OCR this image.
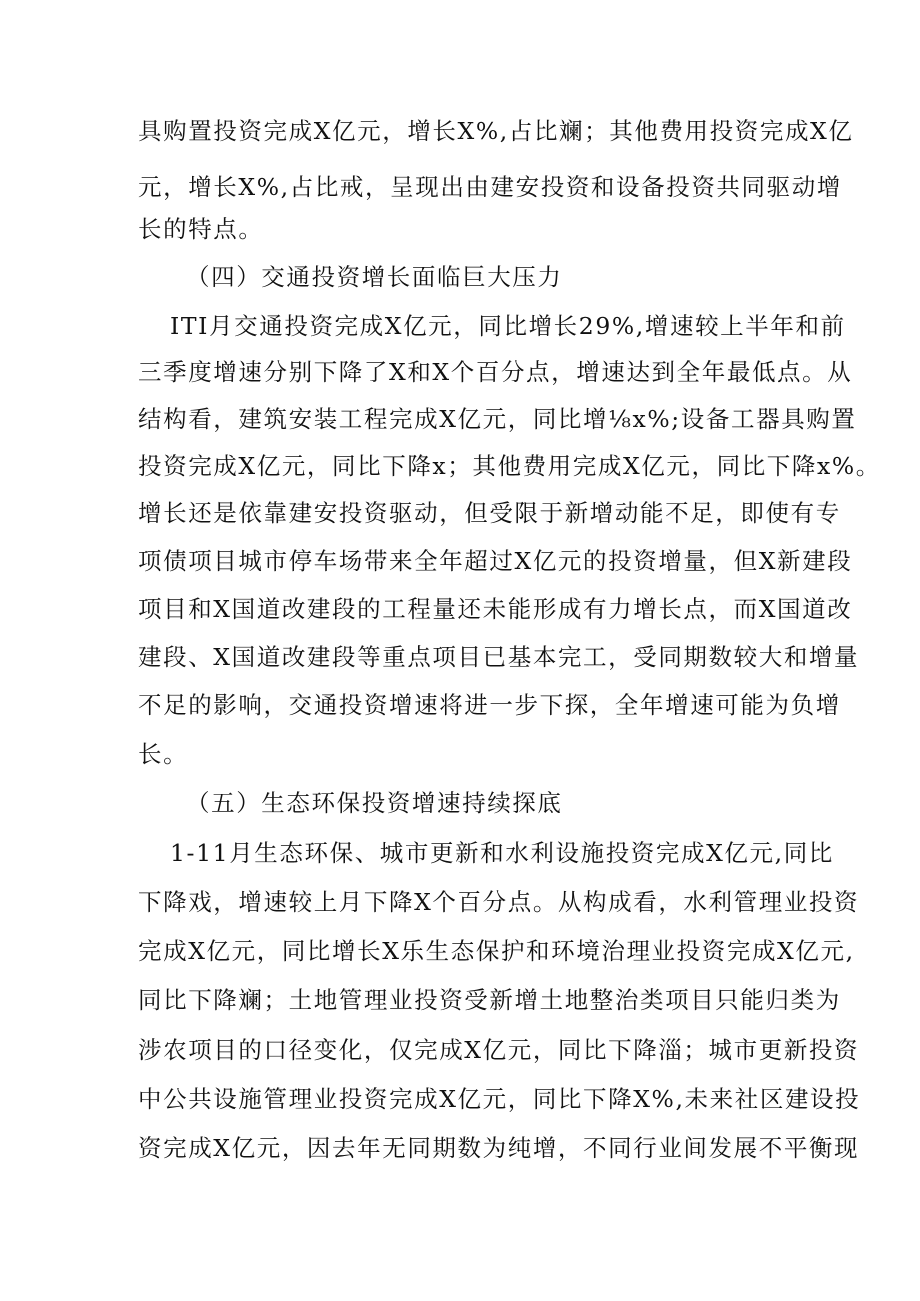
具购置投资完成X亿元，增长X%,占比斓；其他费用投资完成X亿
元，增长X%,占比戒，呈现出由建安投资和设备投资共同驱动增
长的特点。
（四）交通投资增长面临巨大压力
ITI月交通投资完成X亿元，同比增长29%,增速较上半年和前
三季度增速分别下降了X和X个百分点，增速达到全年最低点。从
结构看，建筑安装工程完成X亿元，同比增⅛x%;设备工器具购置
投资完成X亿元，同比下降x；其他费用完成X亿元，同比下降x%。
增长还是依靠建安投资驱动，但受限于新增动能不足，即使有专
项债项目城市停车场带来全年超过X亿元的投资增量，但X新建段
项目和X国道改建段的工程量还未能形成有力增长点，而X国道改
建段、X国道改建段等重点项目已基本完工，受同期数较大和增量
不足的影响，交通投资增速将进一步下探，全年增速可能为负增
长。
（五）生态环保投资增速持续探底
1-11月生态环保、城市更新和水利设施投资完成X亿元,同比
下降戏，增速较上月下降X个百分点。从构成看，水利管理业投资
完成X亿元，同比增长X乐生态保护和环境治理业投资完成X亿元,
同比下降斓；土地管理业投资受新增土地整治类项目只能归类为
涉农项目的口径变化，仅完成X亿元，同比下降淄；城市更新投资
中公共设施管理业投资完成X亿元，同比下降X%,未来社区建设投
资完成X亿元，因去年无同期数为纯增，不同行业间发展不平衡现
